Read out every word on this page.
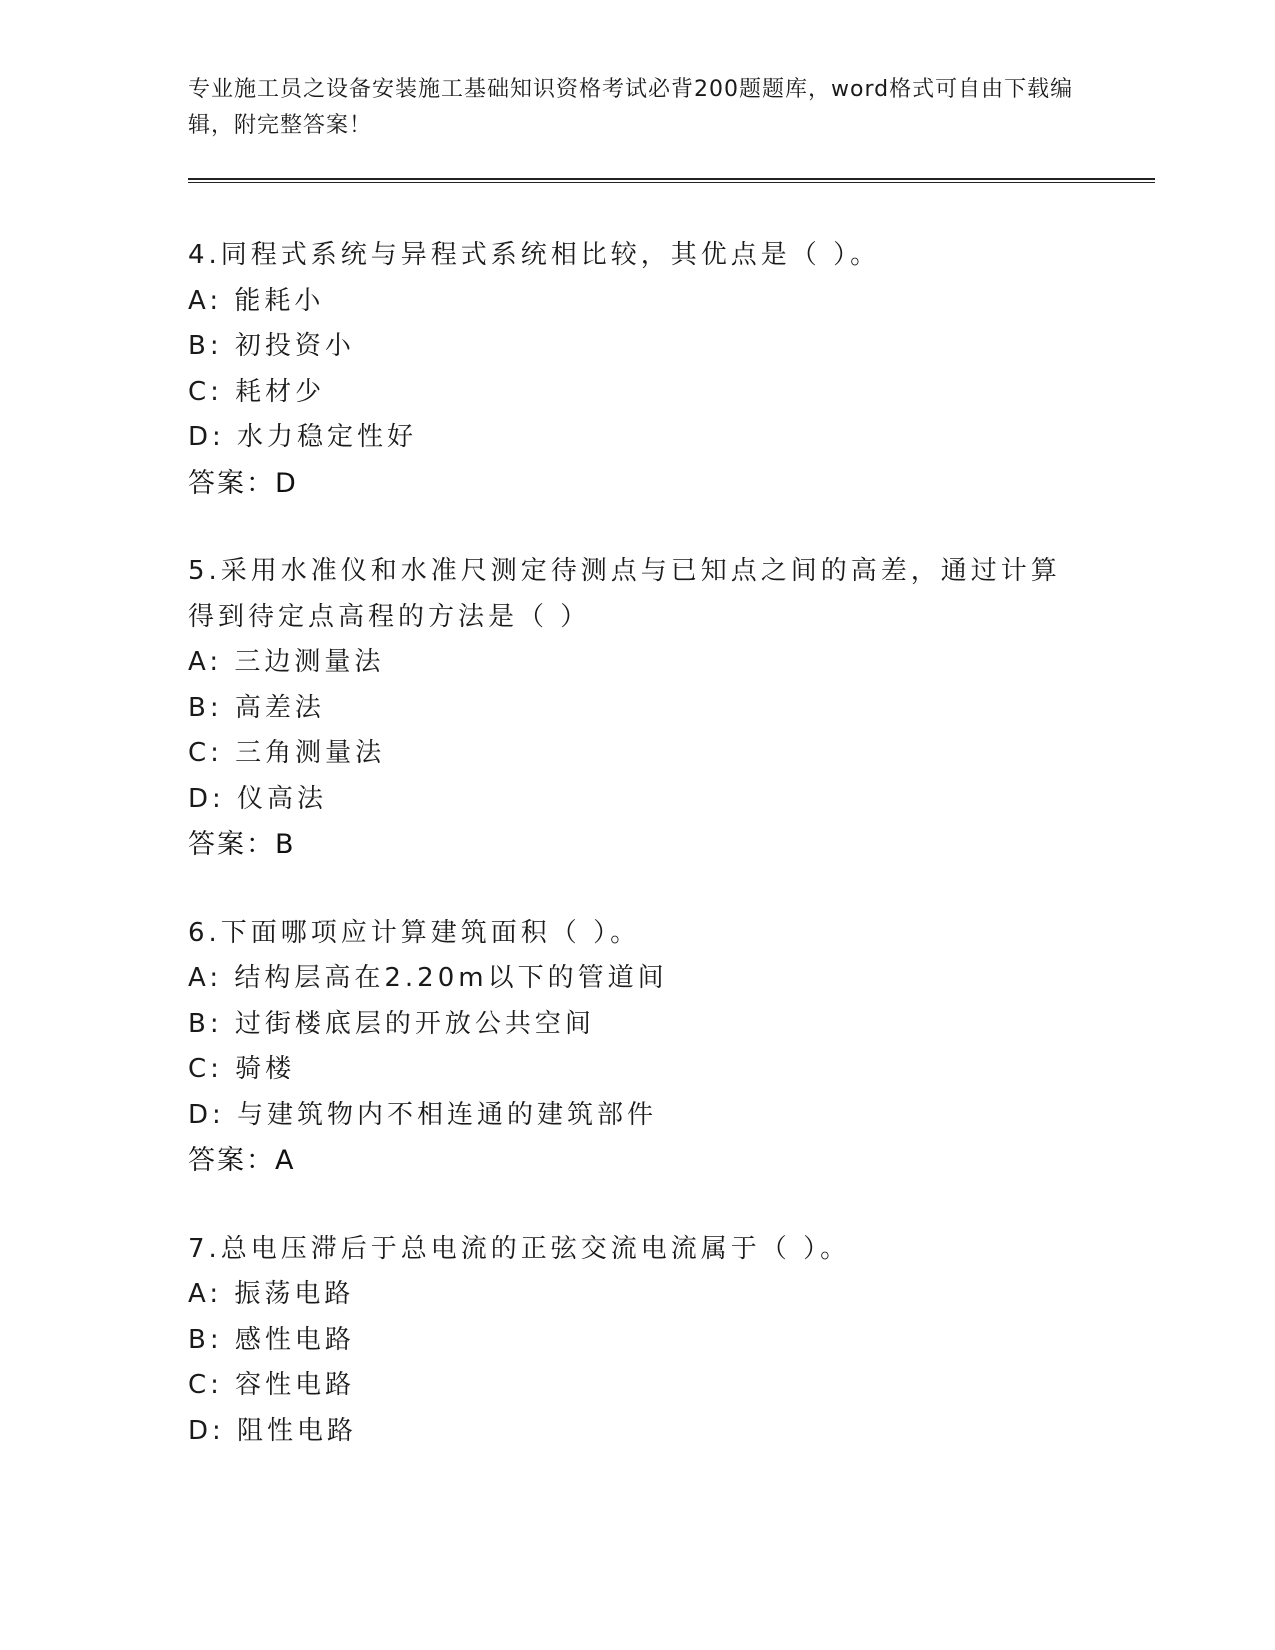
专业施工员之设备安装施工基础知识资格考试必背200题题库，word格式可自由下载编辑，附完整答案！
4.同程式系统与异程式系统相比较，其优点是（ ）。
A: 能耗小
B: 初投资小
C: 耗材少
D: 水力稳定性好
答案：D
5.采用水准仪和水准尺测定待测点与已知点之间的高差，通过计算得到待定点高程的方法是（ ）
A: 三边测量法
B: 高差法
C: 三角测量法
D: 仪高法
答案：B
6.下面哪项应计算建筑面积（ ）。
A: 结构层高在2.20m以下的管道间
B: 过街楼底层的开放公共空间
C: 骑楼
D: 与建筑物内不相连通的建筑部件
答案：A
7.总电压滞后于总电流的正弦交流电流属于（ ）。
A: 振荡电路
B: 感性电路
C: 容性电路
D: 阻性电路
